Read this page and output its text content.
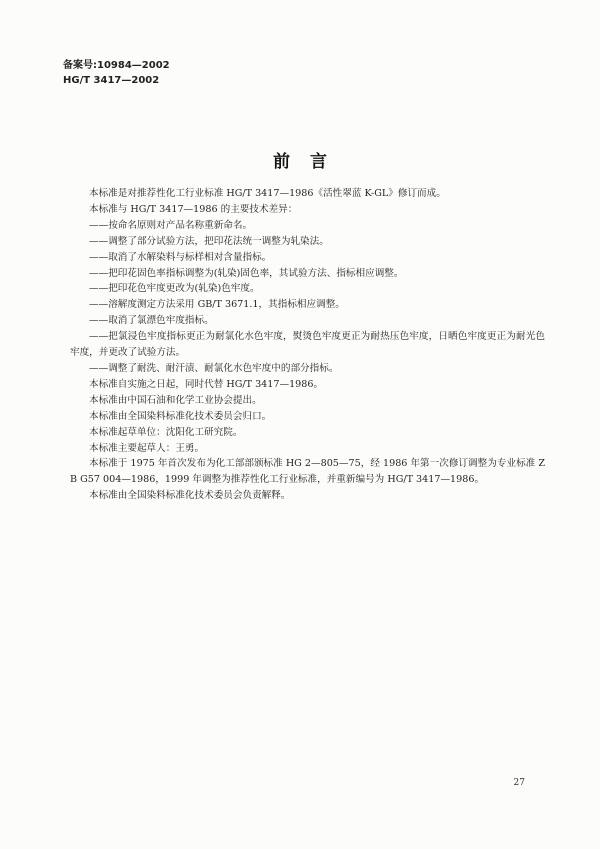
备案号:10984—2002
HG/T 3417—2002
前言

本标准是对推荐性化工行业标准 HG/T 3417—1986《活性翠蓝 K-GL》修订而成。

本标准与 HG/T 3417—1986 的主要技术差异：

——按命名原则对产品名称重新命名。

——调整了部分试验方法，把印花法统一调整为轧染法。

——取消了水解染料与标样相对含量指标。

——把印花固色率指标调整为(轧染)固色率，其试验方法、指标相应调整。

——把印花色牢度更改为(轧染)色牢度。

——溶解度测定方法采用 GB/T 3671.1，其指标相应调整。

——取消了氯漂色牢度指标。

——把氯浸色牢度指标更正为耐氯化水色牢度，熨烫色牢度更正为耐热压色牢度，日晒色牢度更正为耐光色牢度，并更改了试验方法。

——调整了耐洗、耐汗渍、耐氯化水色牢度中的部分指标。

本标准自实施之日起，同时代替 HG/T 3417—1986。

本标准由中国石油和化学工业协会提出。

本标准由全国染料标准化技术委员会归口。

本标准起草单位：沈阳化工研究院。

本标准主要起草人：王勇。

本标准于 1975 年首次发布为化工部部颁标准 HG 2—805—75，经 1986 年第一次修订调整为专业标准 ZB G57 004—1986，1999 年调整为推荐性化工行业标准，并重新编号为 HG/T 3417—1986。

本标准由全国染料标准化技术委员会负责解释。

27
